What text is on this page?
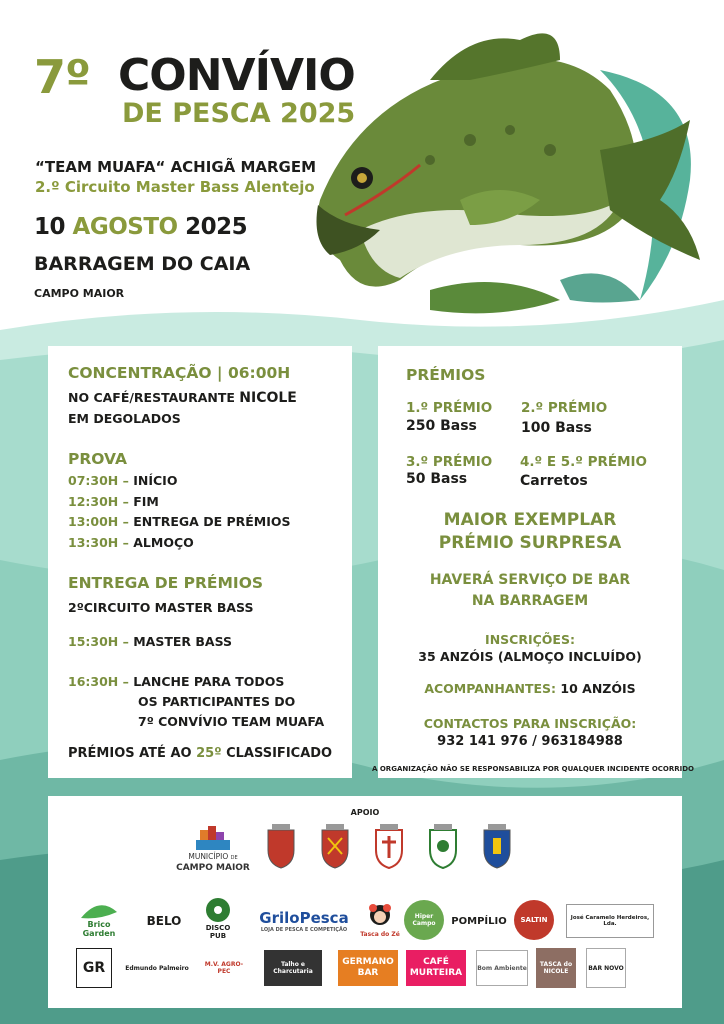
7º CONVÍVIO
DE PESCA 2025
“TEAM MUAFA“ ACHIGÃ MARGEM
2.º Circuito Master Bass Alentejo
10 AGOSTO 2025
BARRAGEM DO CAIA
CAMPO MAIOR
CONCENTRAÇÃO | 06:00H
NO CAFÉ/RESTAURANTE NICOLE
EM DEGOLADOS
PROVA
07:30H – INÍCIO
12:30H – FIM
13:00H – ENTREGA DE PRÉMIOS
13:30H – ALMOÇO
ENTREGA DE PRÉMIOS
2ºCIRCUITO MASTER BASS
15:30H – MASTER BASS
16:30H – LANCHE PARA TODOS
OS PARTICIPANTES DO
7º CONVÍVIO TEAM MUAFA
PRÉMIOS ATÉ AO 25º CLASSIFICADO
PRÉMIOS
1.º PRÉMIO
250 Bass
2.º PRÉMIO
100 Bass
3.º PRÉMIO
50 Bass
4.º E 5.º PRÉMIO
Carretos
MAIOR EXEMPLAR
PRÉMIO SURPRESA
HAVERÁ SERVIÇO DE BAR
NA BARRAGEM
INSCRIÇÕES:
35 ANZÓIS (ALMOÇO INCLUÍDO)
ACOMPANHANTES: 10 ANZÓIS
CONTACTOS PARA INSCRIÇÃO:
932 141 976 / 963184988
A ORGANIZAÇÃO NÃO SE RESPONSABILIZA POR QUALQUER INCIDENTE OCORRIDO
APOIO
MUNICÍPIO DE
CAMPO MAIOR
Brico Garden
BELO	DISCO PUB
GriloPesca
LOJA DE PESCA E COMPETIÇÃO
Tasca do Zé
Hiper Campo	POMPÍLIO	SALTIN	José Caramelo Herdeiros, Lda.
GR	Edmundo Palmeiro	M.V. AGRO-PEC
Talho e Charcutaria
GERMANO BAR
CAFÉ MURTEIRA	Bom Ambiente	TASCA do NICOLE	BAR NOVO
